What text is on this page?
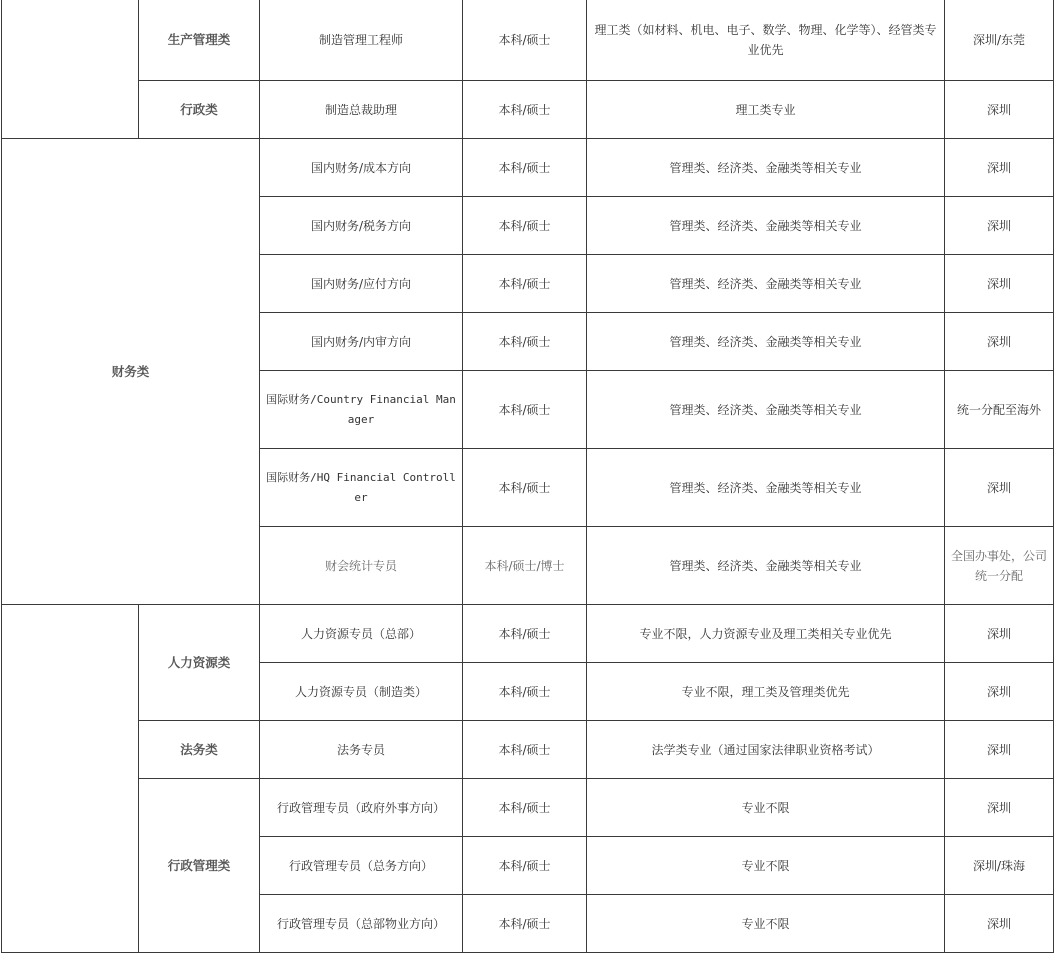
	生产管理类	制造管理工程师	本科/硕士	理工类（如材料、机电、电子、数学、物理、化学等）、经管类专业优先	深圳/东莞
	行政类	制造总裁助理	本科/硕士	理工类专业	深圳
财务类		国内财务/成本方向	本科/硕士	管理类、经济类、金融类等相关专业	深圳
		国内财务/税务方向	本科/硕士	管理类、经济类、金融类等相关专业	深圳
		国内财务/应付方向	本科/硕士	管理类、经济类、金融类等相关专业	深圳
		国内财务/内审方向	本科/硕士	管理类、经济类、金融类等相关专业	深圳
		国际财务/Country Financial Manager	本科/硕士	管理类、经济类、金融类等相关专业	统一分配至海外
		国际财务/HQ Financial Controller	本科/硕士	管理类、经济类、金融类等相关专业	深圳
		财会统计专员	本科/硕士/博士	管理类、经济类、金融类等相关专业	全国办事处，公司统一分配
	人力资源类	人力资源专员（总部）	本科/硕士	专业不限，人力资源专业及理工类相关专业优先	深圳
		人力资源专员（制造类）	本科/硕士	专业不限，理工类及管理类优先	深圳
	法务类	法务专员	本科/硕士	法学类专业（通过国家法律职业资格考试）	深圳
	行政管理类	行政管理专员（政府外事方向）	本科/硕士	专业不限	深圳
		行政管理专员（总务方向）	本科/硕士	专业不限	深圳/珠海
		行政管理专员（总部物业方向）	本科/硕士	专业不限	深圳
